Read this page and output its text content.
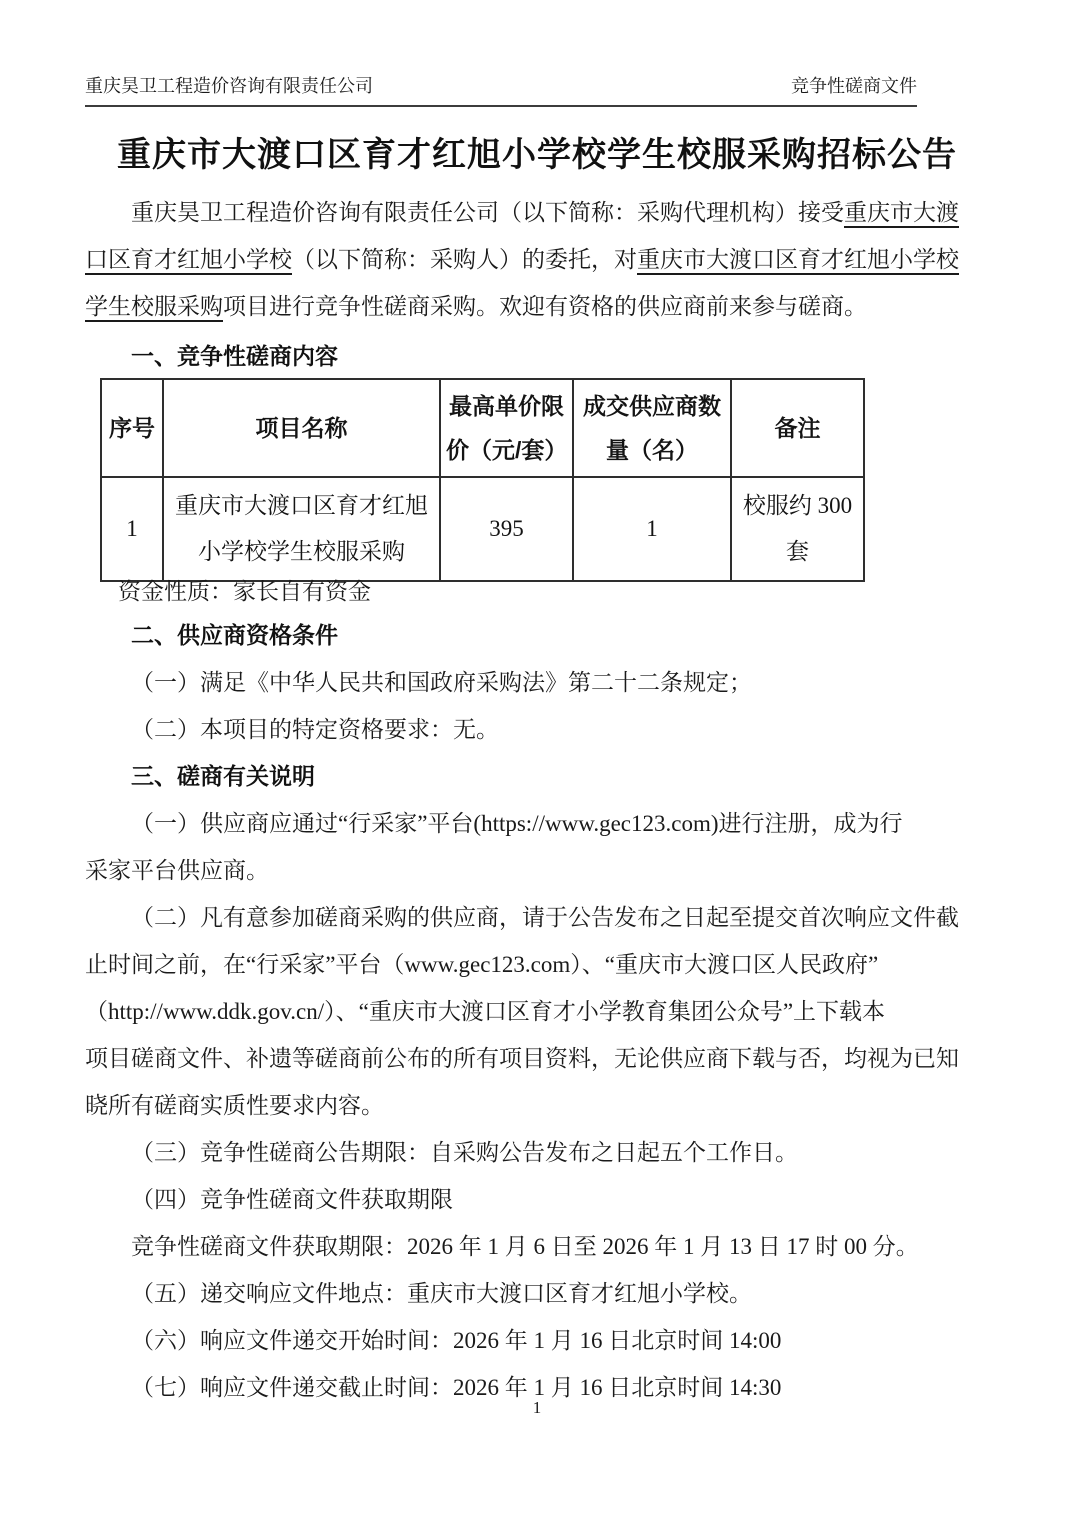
重庆昊卫工程造价咨询有限责任公司	竞争性磋商文件
重庆市大渡口区育才红旭小学校学生校服采购招标公告
重庆昊卫工程造价咨询有限责任公司（以下简称：采购代理机构）接受重庆市大渡
口区育才红旭小学校（以下简称：采购人）的委托，对重庆市大渡口区育才红旭小学校
学生校服采购项目进行竞争性磋商采购。欢迎有资格的供应商前来参与磋商。
一、竞争性磋商内容
序号	项目名称	最高单价限价（元/套）	成交供应商数量（名）	备注
1	重庆市大渡口区育才红旭小学校学生校服采购	395	1	校服约 300 套
资金性质：家长自有资金
二、供应商资格条件
（一）满足《中华人民共和国政府采购法》第二十二条规定；
（二）本项目的特定资格要求：无。
三、磋商有关说明
（一）供应商应通过“行采家”平台(https://www.gec123.com)进行注册，成为行
采家平台供应商。
（二）凡有意参加磋商采购的供应商，请于公告发布之日起至提交首次响应文件截
止时间之前，在“行采家”平台（www.gec123.com）、“重庆市大渡口区人民政府”
（http://www.ddk.gov.cn/）、“重庆市大渡口区育才小学教育集团公众号”上下载本
项目磋商文件、补遗等磋商前公布的所有项目资料，无论供应商下载与否，均视为已知
晓所有磋商实质性要求内容。
（三）竞争性磋商公告期限：自采购公告发布之日起五个工作日。
（四）竞争性磋商文件获取期限
竞争性磋商文件获取期限：2026 年 1 月 6 日至 2026 年 1 月 13 日 17 时 00 分。
（五）递交响应文件地点：重庆市大渡口区育才红旭小学校。
（六）响应文件递交开始时间：2026 年 1 月 16 日北京时间 14:00
（七）响应文件递交截止时间：2026 年 1 月 16 日北京时间 14:30
1
